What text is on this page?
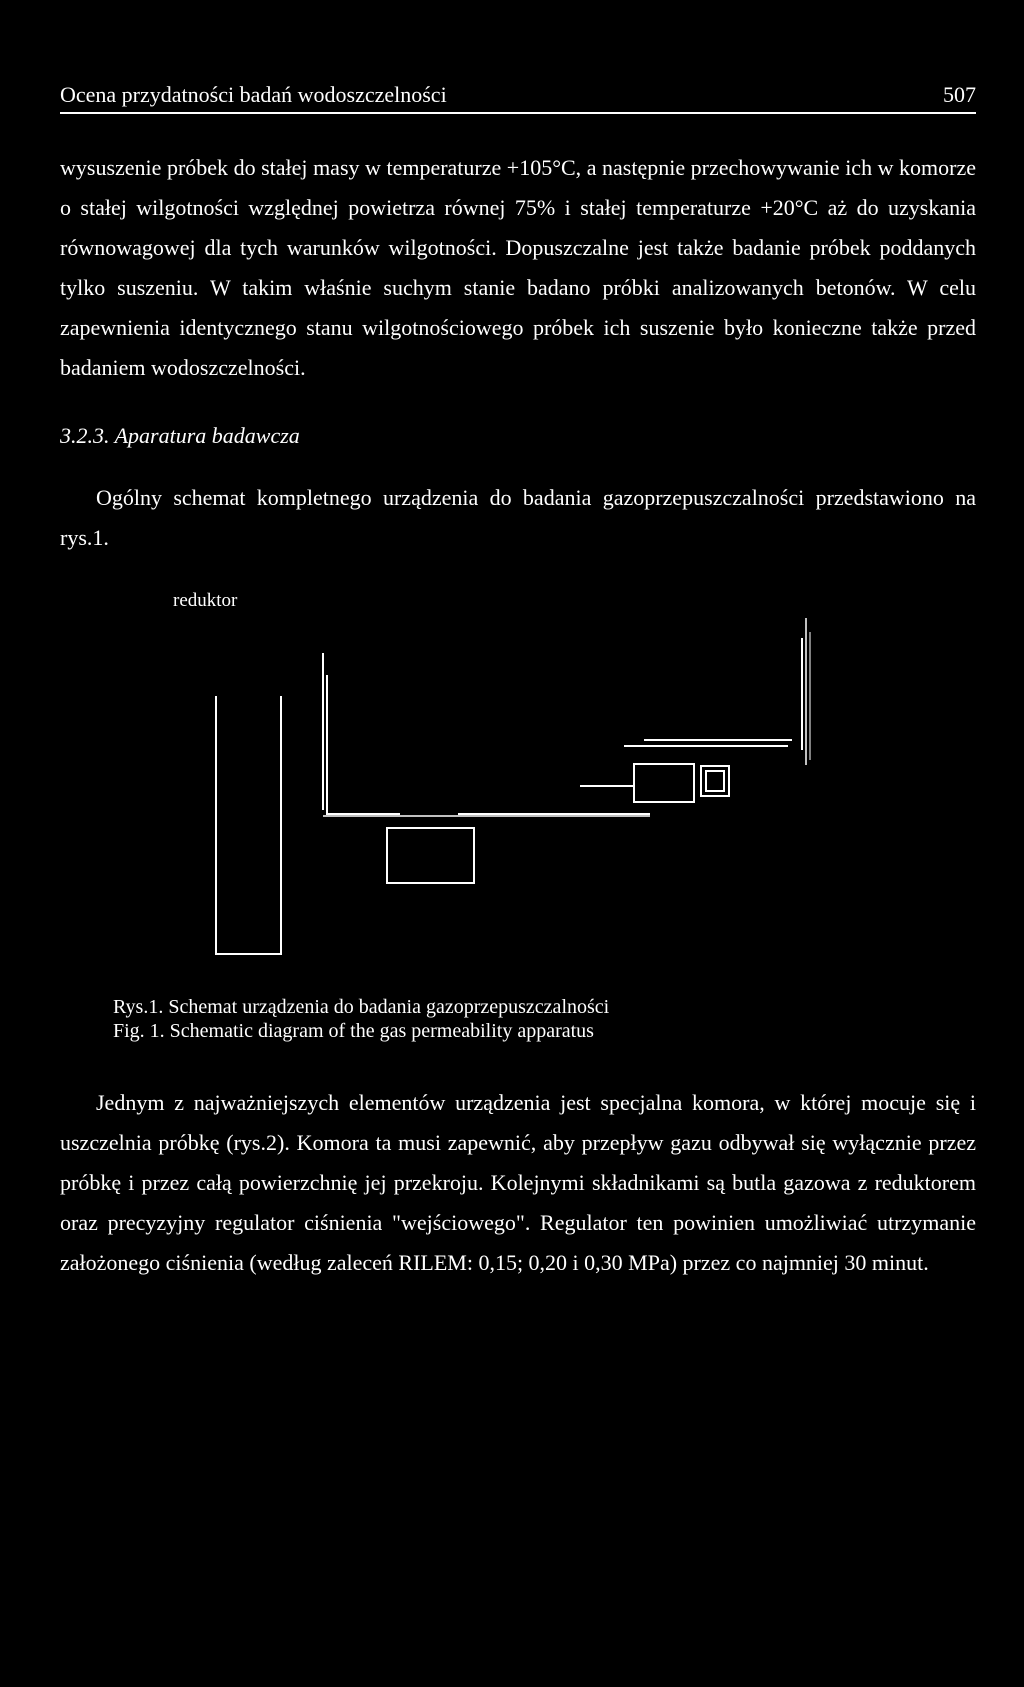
Ocena przydatności badań wodoszczelności	507

wysuszenie próbek do stałej masy w temperaturze +105°C, a następnie przechowywanie ich w komorze o stałej wilgotności względnej powietrza równej 75% i stałej temperaturze +20°C aż do uzyskania równowagowej dla tych warunków wilgotności. Dopuszczalne jest także badanie próbek poddanych tylko suszeniu. W takim właśnie suchym stanie badano próbki analizowanych betonów. W celu zapewnienia identycznego stanu wilgotnościowego próbek ich suszenie było konieczne także przed badaniem wodoszczelności.

3.2.3. Aparatura badawcza

Ogólny schemat kompletnego urządzenia do badania gazoprzepuszczalności przedstawiono na rys.1.

reduktor
Rys.1. Schemat urządzenia do badania gazoprzepuszczalności
Fig. 1. Schematic diagram of the gas permeability apparatus

Jednym z najważniejszych elementów urządzenia jest specjalna komora, w której mocuje się i uszczelnia próbkę (rys.2). Komora ta musi zapewnić, aby przepływ gazu odbywał się wyłącznie przez próbkę i przez całą powierzchnię jej przekroju. Kolejnymi składnikami są butla gazowa z reduktorem oraz precyzyjny regulator ciśnienia "wejściowego". Regulator ten powinien umożliwiać utrzymanie założonego ciśnienia (według zaleceń RILEM: 0,15; 0,20 i 0,30 MPa) przez co najmniej 30 minut.
